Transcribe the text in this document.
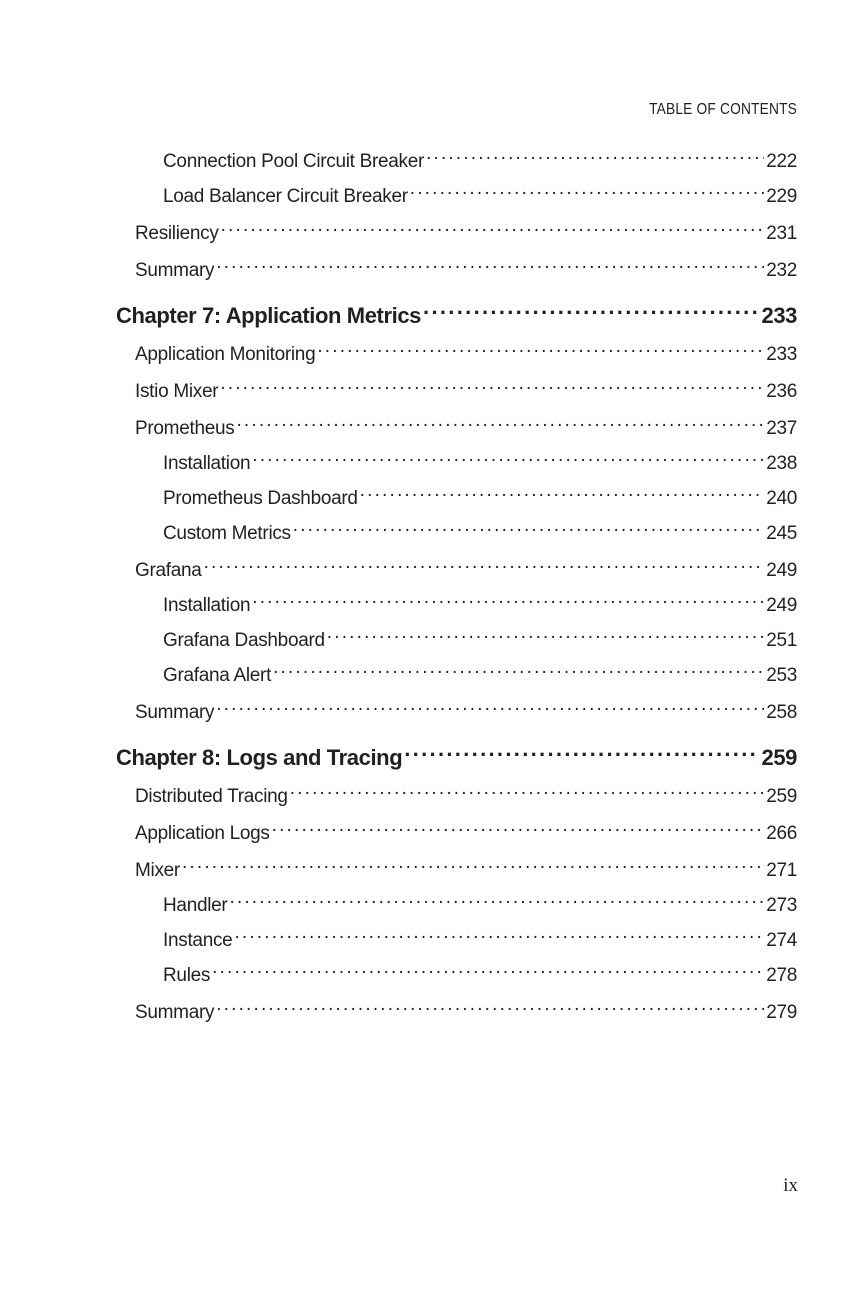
TABLE OF CONTENTS
Connection Pool Circuit Breaker . . .	222
Load Balancer Circuit Breaker . . .	229
Resiliency . . .	231
Summary . . .	232
Chapter 7: Application Metrics . . .	233
Application Monitoring . . .	233
Istio Mixer . . .	236
Prometheus . . .	237
Installation . . .	238
Prometheus Dashboard . . .	240
Custom Metrics . . .	245
Grafana . . .	249
Installation . . .	249
Grafana Dashboard . . .	251
Grafana Alert . . .	253
Summary . . .	258
Chapter 8: Logs and Tracing . . .	259
Distributed Tracing . . .	259
Application Logs . . .	266
Mixer . . .	271
Handler . . .	273
Instance . . .	274
Rules . . .	278
Summary . . .	279
ix
